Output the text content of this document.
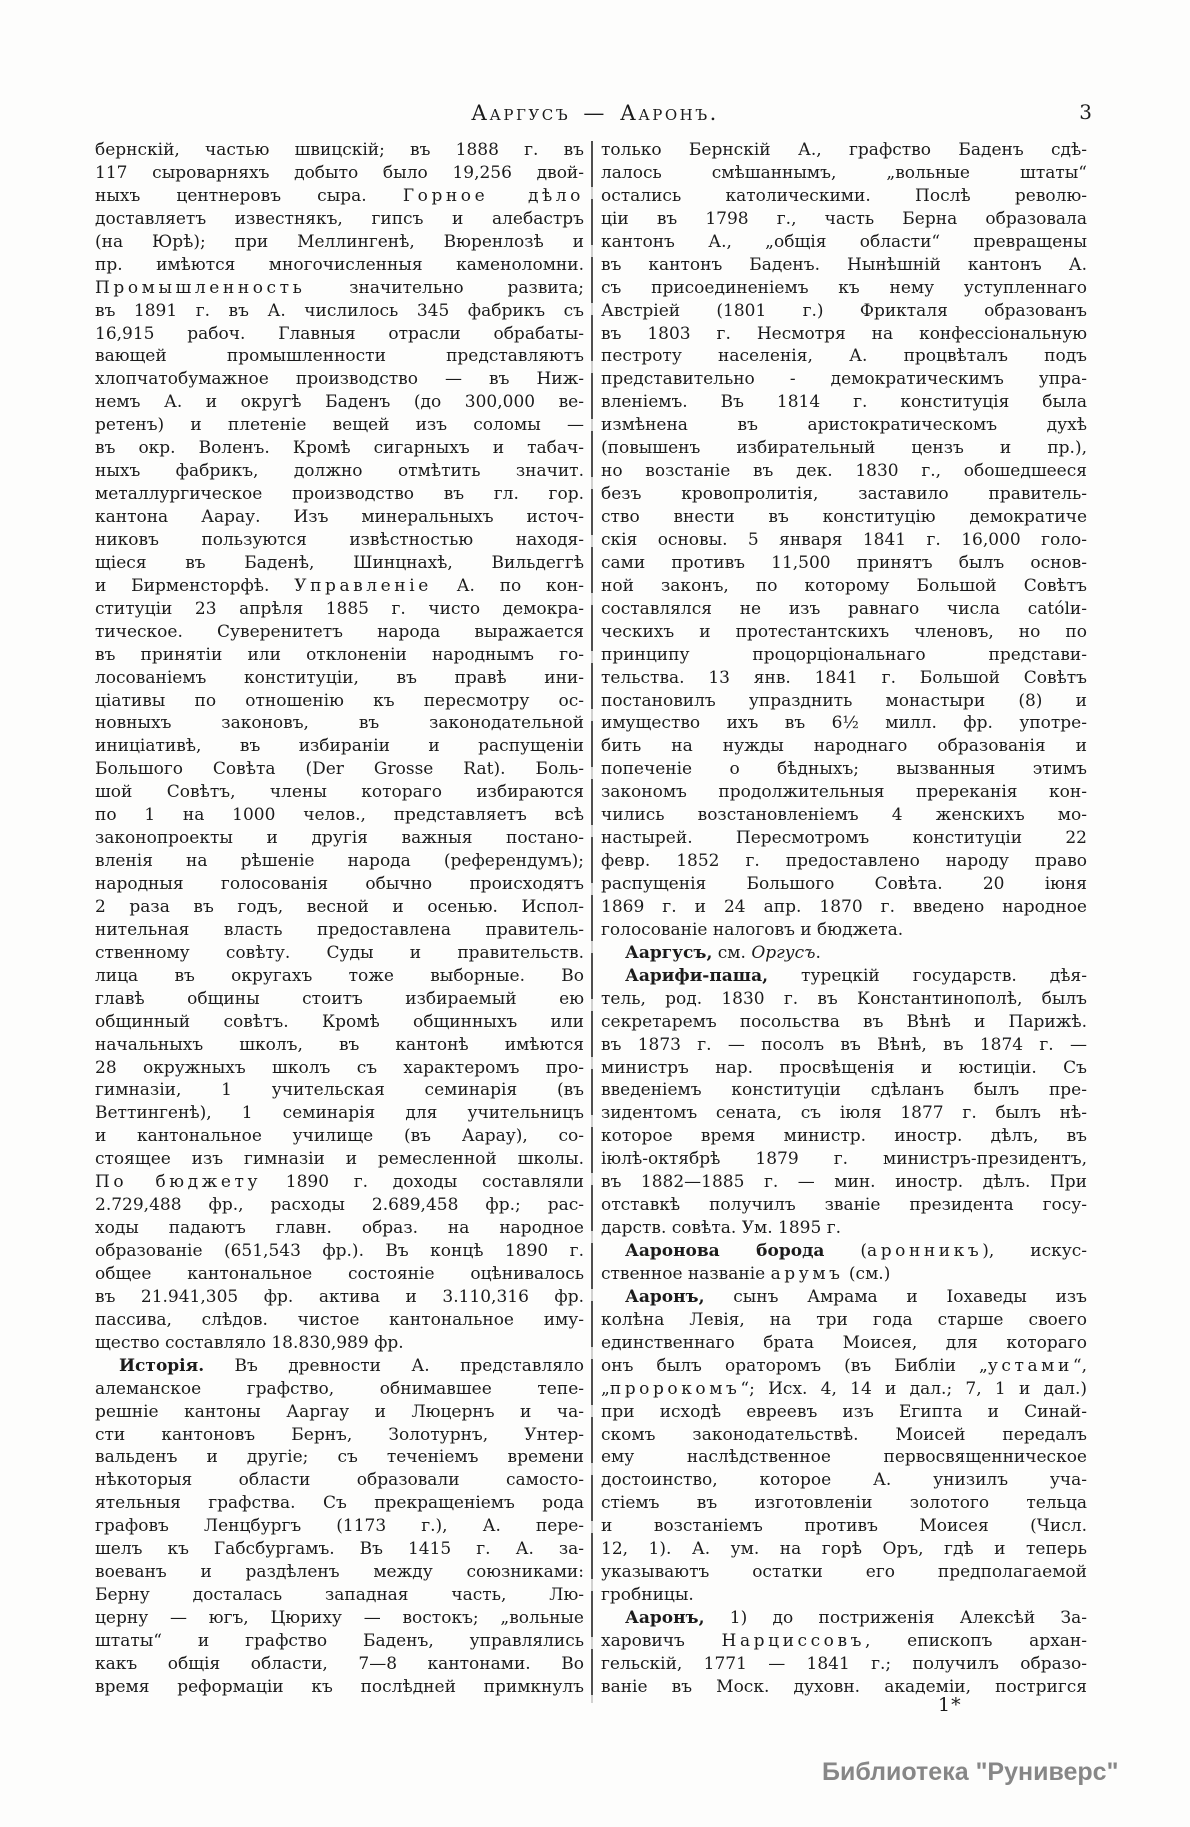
Ааргусъ — Ааронъ.	3
бернскій, частью швицскій; въ 1888 г. въ
117 сыроварняхъ добыто было 19,256 двой-
ныхъ центнеровъ сыра. Горное дѣло
доставляетъ известнякъ, гипсъ и алебастръ
(на Юрѣ); при Меллингенѣ, Вюренлозѣ и
пр. имѣются многочисленныя каменоломни.
Промышленность значительно развита;
въ 1891 г. въ А. числилось 345 фабрикъ съ
16,915 рабоч. Главныя отрасли обрабаты-
вающей промышленности представляютъ
хлопчатобумажное производство — въ Ниж-
немъ А. и округѣ Баденъ (до 300,000 ве-
ретенъ) и плетеніе вещей изъ соломы —
въ окр. Воленъ. Кромѣ сигарныхъ и табач-
ныхъ фабрикъ, должно отмѣтить значит.
металлургическое производство въ гл. гор.
кантона Аарау. Изъ минеральныхъ источ-
никовъ пользуются извѣстностью находя-
щіеся въ Баденѣ, Шинцнахѣ, Вильдеггѣ
и Бирменсторфѣ. Управленіе А. по кон-
ституціи 23 апрѣля 1885 г. чисто демокра-
тическое. Суверенитетъ народа выражается
въ принятіи или отклоненіи народнымъ го-
лосованіемъ конституціи, въ правѣ ини-
ціативы по отношенію къ пересмотру ос-
новныхъ законовъ, въ законодательной
иниціативѣ, въ избираніи и распущеніи
Большого Совѣта (Der Grosse Rat). Боль-
шой Совѣтъ, члены котораго избираются
по 1 на 1000 челов., представляетъ всѣ
законопроекты и другія важныя постано-
вленія на рѣшеніе народа (референдумъ);
народныя голосованія обычно происходятъ
2 раза въ годъ, весной и осенью. Испол-
нительная власть предоставлена правитель-
ственному совѣту. Суды и правительств.
лица въ округахъ тоже выборные. Во
главѣ общины стоитъ избираемый ею
общинный совѣтъ. Кромѣ общинныхъ или
начальныхъ школъ, въ кантонѣ имѣются
28 окружныхъ школъ съ характеромъ про-
гимназіи, 1 учительская семинарія (въ
Веттингенѣ), 1 семинарія для учительницъ
и кантональное училище (въ Аарау), со-
стоящее изъ гимназіи и ремесленной школы.
По бюджету 1890 г. доходы составляли
2.729,488 фр., расходы 2.689,458 фр.; рас-
ходы падаютъ главн. образ. на народное
образованіе (651,543 фр.). Въ концѣ 1890 г.
общее кантональное состояніе оцѣнивалось
въ 21.941,305 фр. актива и 3.110,316 фр.
пассива, слѣдов. чистое кантональное иму-
щество составляло 18.830,989 фр.
Исторія. Въ древности А. представляло
алеманское графство, обнимавшее тепе-
решніе кантоны Ааргау и Люцернъ и ча-
сти кантоновъ Бернъ, Золотурнъ, Унтер-
вальденъ и другіе; съ теченіемъ времени
нѣкоторыя области образовали самосто-
ятельныя графства. Съ прекращеніемъ рода
графовъ Ленцбургъ (1173 г.), А. пере-
шелъ къ Габсбургамъ. Въ 1415 г. А. за-
воеванъ и раздѣленъ между союзниками:
Берну досталась западная часть, Лю-
церну — югъ, Цюриху — востокъ; „вольные
штаты“ и графство Баденъ, управлялись
какъ общія области, 7—8 кантонами. Во
время реформаціи къ послѣдней примкнулъ
только Бернскій А., графство Баденъ сдѣ-
лалось смѣшаннымъ, „вольные штаты“
остались католическими. Послѣ револю-
ціи въ 1798 г., часть Берна образовала
кантонъ А., „общія области“ превращены
въ кантонъ Баденъ. Нынѣшній кантонъ А.
съ присоединеніемъ къ нему уступленнаго
Австріей (1801 г.) Фрикталя образованъ
въ 1803 г. Несмотря на конфессіональную
пестроту населенія, А. процвѣталъ подъ
представительно - демократическимъ упра-
вленіемъ. Въ 1814 г. конституція была
измѣнена въ аристократическомъ духѣ
(повышенъ избирательный цензъ и пр.),
но возстаніе въ дек. 1830 г., обошедшееся
безъ кровопролитія, заставило правитель-
ство внести въ конституцію демократиче
скія основы. 5 января 1841 г. 16,000 голо-
сами противъ 11,500 принятъ былъ основ-
ной законъ, по которому Большой Совѣтъ
составлялся не изъ равнаго числа católи-
ческихъ и протестантскихъ членовъ, но по
принципу процорціональнаго представи-
тельства. 13 янв. 1841 г. Большой Совѣтъ
постановилъ упразднить монастыри (8) и
имущество ихъ въ 6½ милл. фр. употре-
бить на нужды народнаго образованія и
попеченіе о бѣдныхъ; вызванныя этимъ
закономъ продолжительныя пререканія кон-
чились возстановленіемъ 4 женскихъ мо-
настырей. Пересмотромъ конституціи 22
февр. 1852 г. предоставлено народу право
распущенія Большого Совѣта. 20 іюня
1869 г. и 24 апр. 1870 г. введено народное
голосованіе налоговъ и бюджета.
Ааргусъ, см. Оргусъ.
Аарифи-паша, турецкій государств. дѣя-
тель, род. 1830 г. въ Константинополѣ, былъ
секретаремъ посольства въ Вѣнѣ и Парижѣ.
въ 1873 г. — посолъ въ Вѣнѣ, въ 1874 г. —
министръ нар. просвѣщенія и юстиціи. Съ
введеніемъ конституціи сдѣланъ былъ пре-
зидентомъ сената, съ іюля 1877 г. былъ нѣ-
которое время министр. иностр. дѣлъ, въ
іюлѣ-октябрѣ 1879 г. министръ-президентъ,
въ 1882—1885 г. — мин. иностр. дѣлъ. При
отставкѣ получилъ званіе президента госу-
дарств. совѣта. Ум. 1895 г.
Ааронова борода (аронникъ), искус-
ственное названіе арумъ (см.)
Ааронъ, сынъ Амрама и Іохаведы изъ
колѣна Левія, на три года старше своего
единственнаго брата Моисея, для котораго
онъ былъ ораторомъ (въ Библіи „устами“,
„пророкомъ“; Исх. 4, 14 и дал.; 7, 1 и дал.)
при исходѣ евреевъ изъ Египта и Синай-
скомъ законодательствѣ. Моисей передалъ
ему наслѣдственное первосвященническое
достоинство, которое А. унизилъ уча-
стіемъ въ изготовленіи золотого тельца
и возстаніемъ противъ Моисея (Числ.
12, 1). А. ум. на горѣ Оръ, гдѣ и теперь
указываютъ остатки его предполагаемой
гробницы.
Ааронъ, 1) до постриженія Алексѣй За-
харовичъ Нарциссовъ, епископъ архан-
гельскій, 1771 — 1841 г.; получилъ образо-
ваніе въ Моск. духовн. академіи, постригся
1*
Библиотека "Руниверс"
